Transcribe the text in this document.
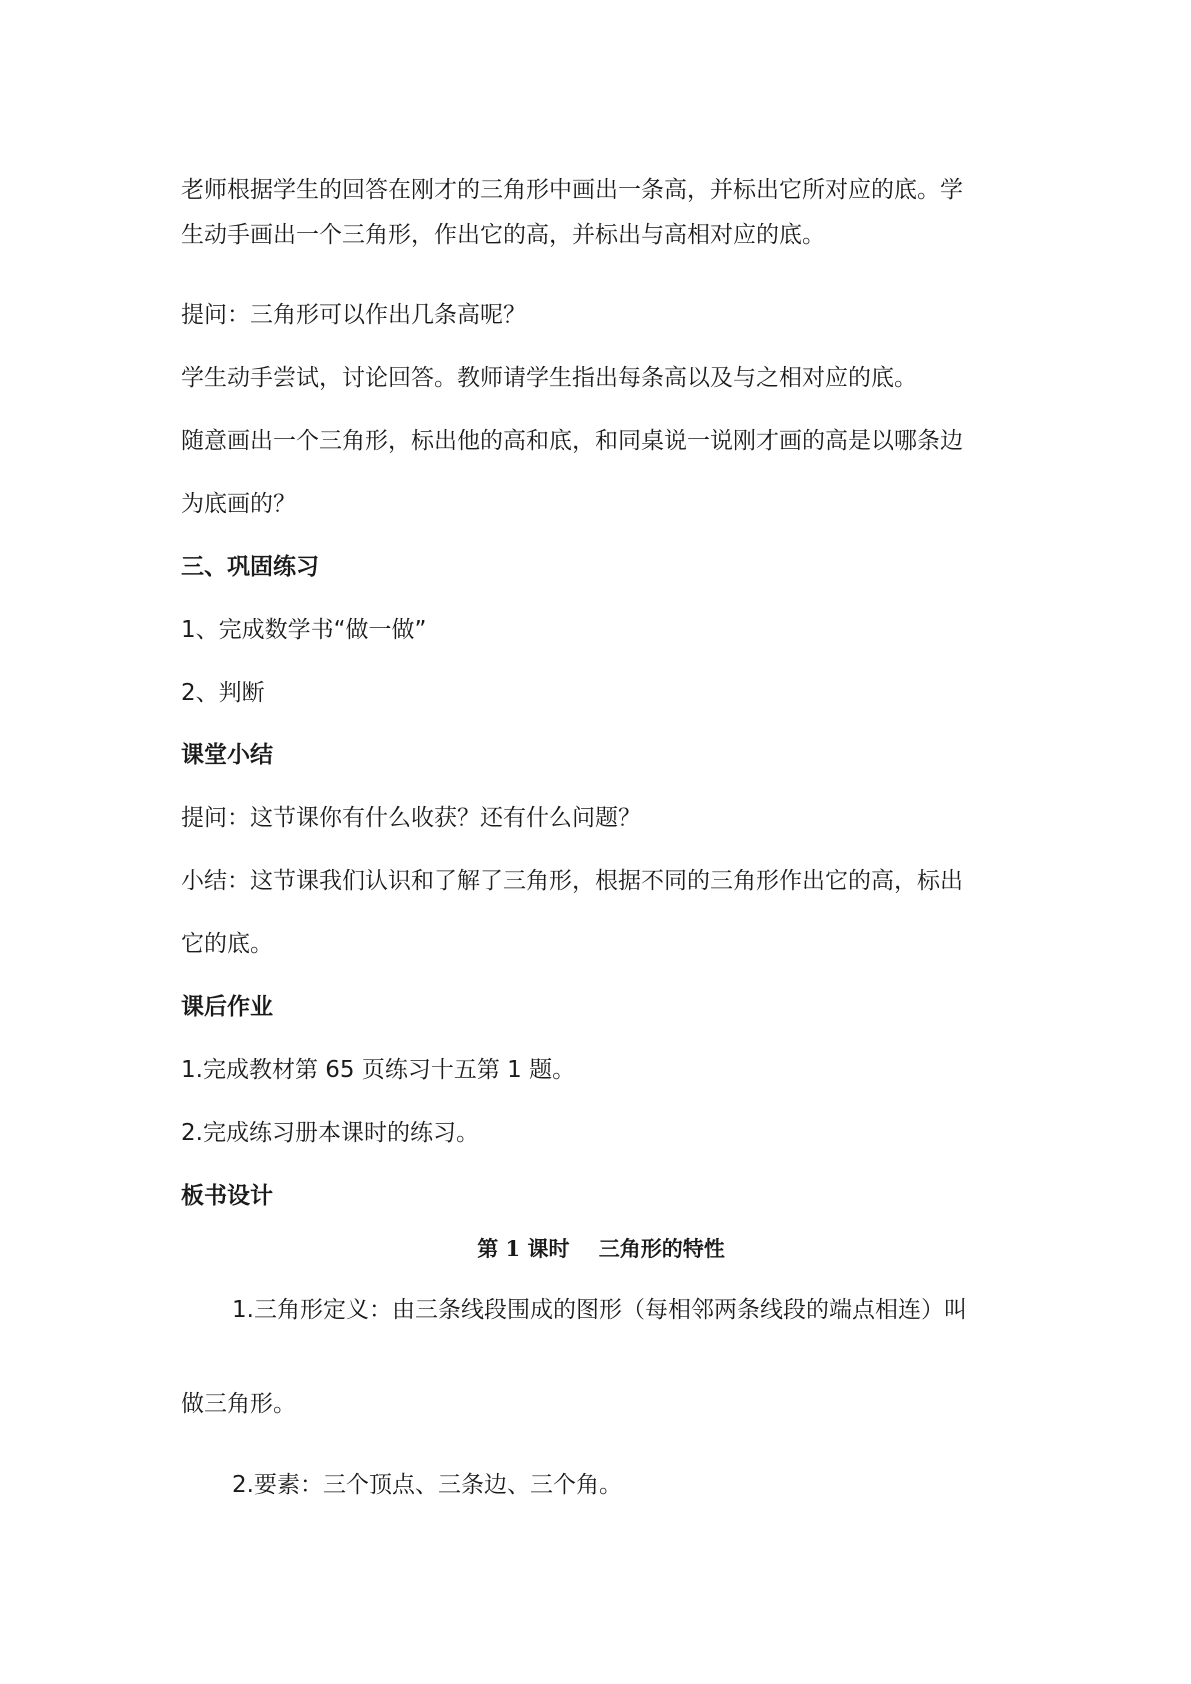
老师根据学生的回答在刚才的三角形中画出一条高，并标出它所对应的底。学

生动手画出一个三角形，作出它的高，并标出与高相对应的底。

提问：三角形可以作出几条高呢？

学生动手尝试，讨论回答。教师请学生指出每条高以及与之相对应的底。

随意画出一个三角形，标出他的高和底，和同桌说一说刚才画的高是以哪条边

为底画的？

三、巩固练习

1、完成数学书“做一做”

2、判断

课堂小结

提问：这节课你有什么收获？还有什么问题？

小结：这节课我们认识和了解了三角形，根据不同的三角形作出它的高，标出

它的底。

课后作业

1.完成教材第 65 页练习十五第 1 题。

2.完成练习册本课时的练习。

板书设计

第 1 课时    三角形的特性

1.三角形定义：由三条线段围成的图形（每相邻两条线段的端点相连）叫

做三角形。

2.要素：三个顶点、三条边、三个角。
